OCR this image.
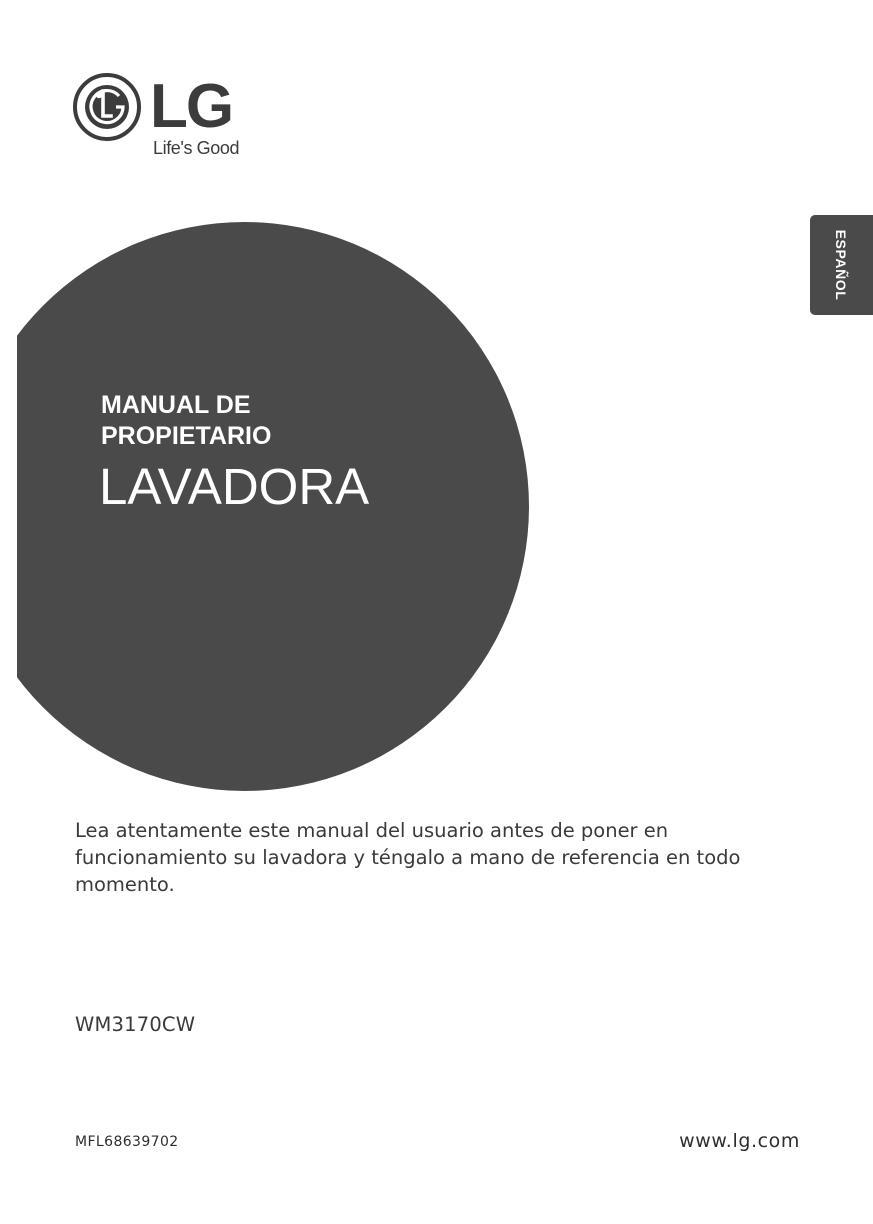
LG
Life's Good
ESPAÑOL
MANUAL DE
PROPIETARIO
LAVADORA
Lea atentamente este manual del usuario antes de poner en funcionamiento su lavadora y téngalo a mano de referencia en todo momento.
WM3170CW
MFL68639702	www.lg.com
